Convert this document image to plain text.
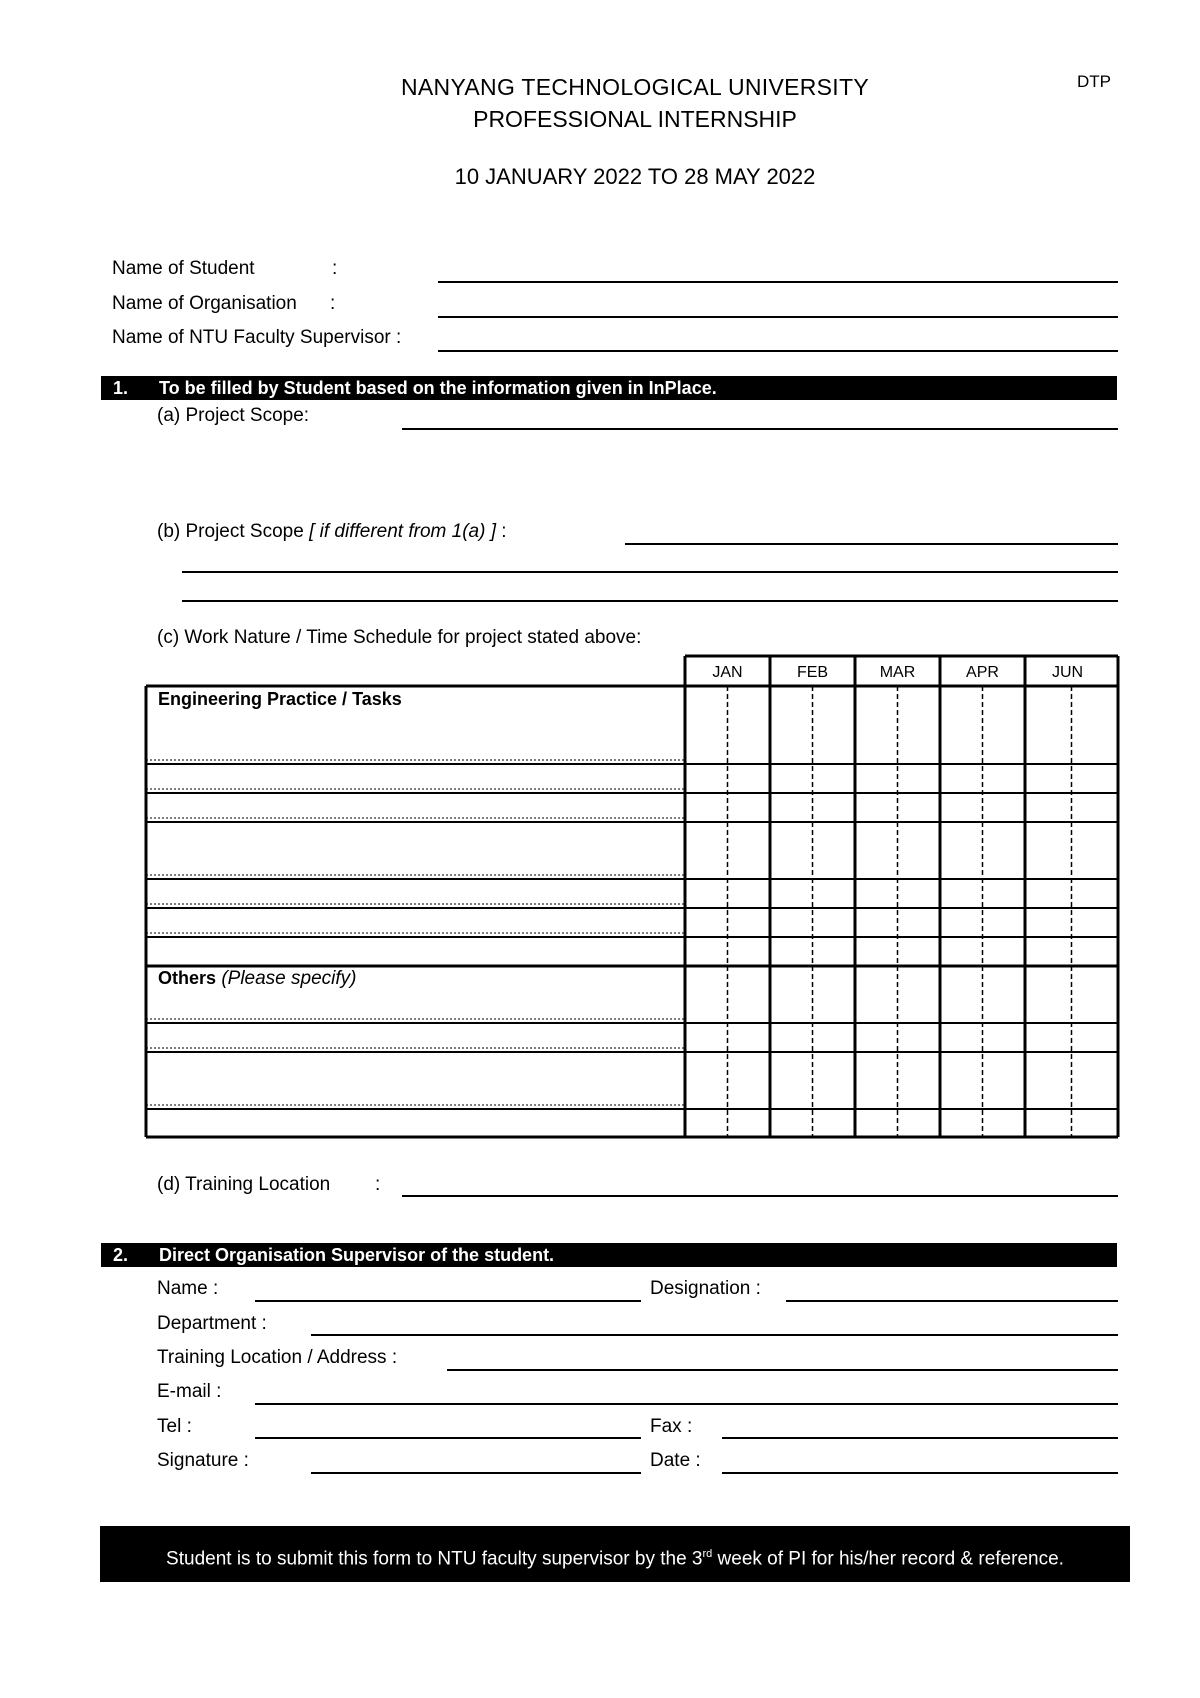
NANYANG TECHNOLOGICAL UNIVERSITY
PROFESSIONAL INTERNSHIP
10 JANUARY 2022 TO 28 MAY 2022
DTP
Name of Student	:
Name of Organisation :
Name of NTU Faculty Supervisor :
1. To be filled by Student based on the information given in InPlace.
(a) Project Scope:
(b) Project Scope [ if different from 1(a) ] :
(c) Work Nature / Time Schedule for project stated above:
JAN	FEB	MAR	APR	JUN
Engineering Practice / Tasks
Others (Please specify)
(d) Training Location :
2. Direct Organisation Supervisor of the student.
Name :	Designation :
Department :
Training Location / Address :
E-mail :
Tel :	Fax :
Signature :	Date :
Student is to submit this form to NTU faculty supervisor by the 3rd week of PI for his/her record & reference.
